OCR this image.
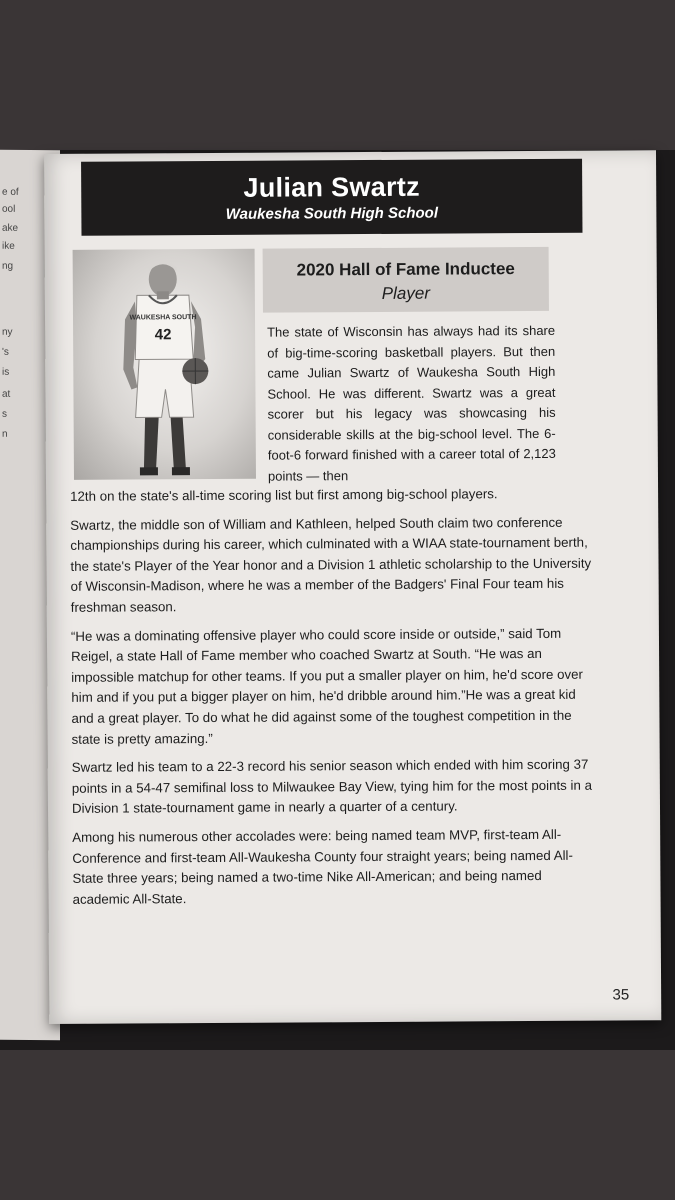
e of
ool
ake
ike
ng
ny
's
is
at
s
n
Julian Swartz
Waukesha South High School
WAUKESHA SOUTH
42
2020 Hall of Fame Inductee
Player
The state of Wisconsin has always had its share of big-time-scoring basketball players. But then came Julian Swartz of Waukesha South High School. He was different. Swartz was a great scorer but his legacy was showcasing his considerable skills at the big-school level. The 6-foot-6 forward finished with a career total of 2,123 points — then

12th on the state's all-time scoring list but first among big-school players.

Swartz, the middle son of William and Kathleen, helped South claim two conference championships during his career, which culminated with a WIAA state-tournament berth, the state's Player of the Year honor and a Division 1 athletic scholarship to the University of Wisconsin-Madison, where he was a member of the Badgers' Final Four team his freshman season.

“He was a dominating offensive player who could score inside or outside,” said Tom Reigel, a state Hall of Fame member who coached Swartz at South. “He was an impossible matchup for other teams. If you put a smaller player on him, he'd score over him and if you put a bigger player on him, he'd dribble around him.”He was a great kid and a great player. To do what he did against some of the toughest competition in the state is pretty amazing.”

Swartz led his team to a 22-3 record his senior season which ended with him scoring 37 points in a 54-47 semifinal loss to Milwaukee Bay View, tying him for the most points in a Division 1 state-tournament game in nearly a quarter of a century.

Among his numerous other accolades were: being named team MVP, first-team All-Conference and first-team All-Waukesha County four straight years; being named All-State three years; being named a two-time Nike All-American; and being named academic All-State.

35
